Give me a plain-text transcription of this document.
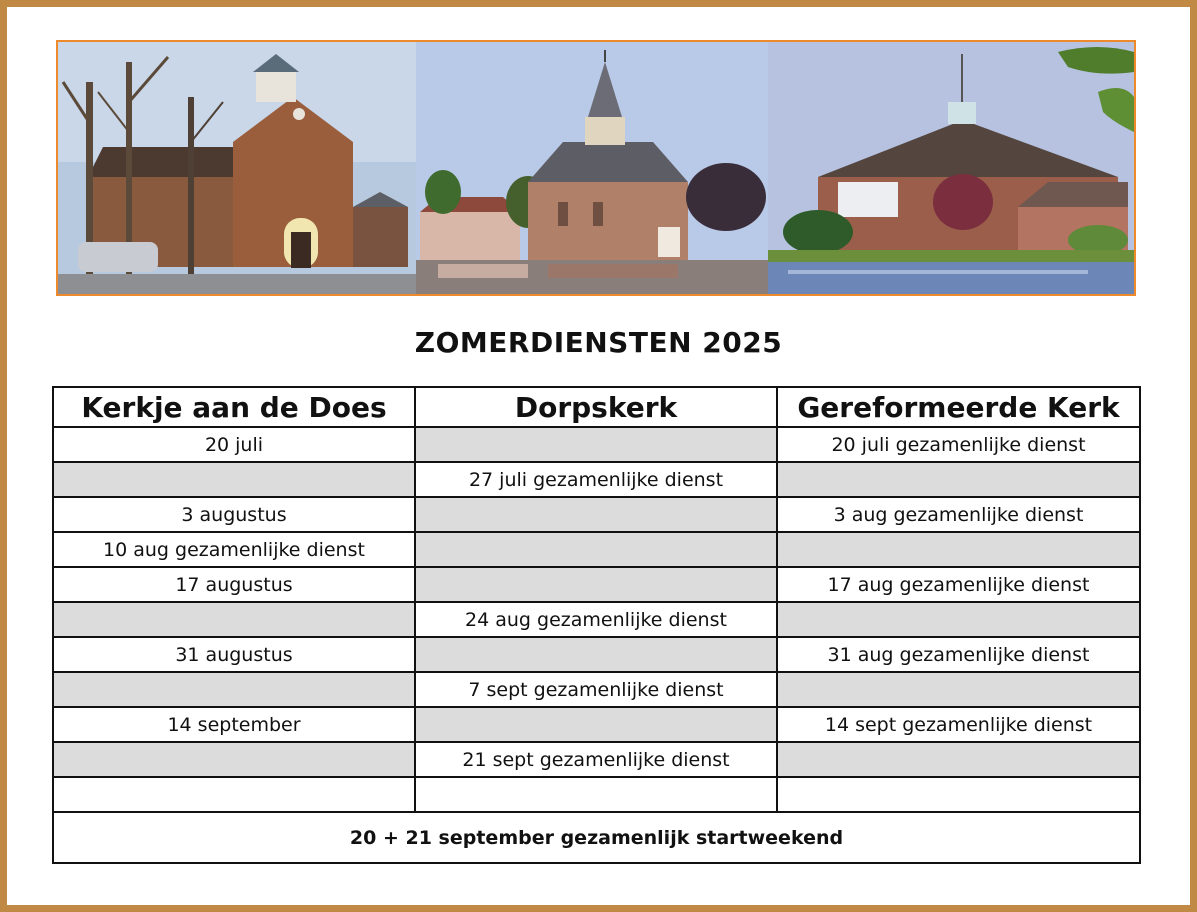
ZOMERDIENSTEN 2025
Kerkje aan de Does	Dorpskerk	Gereformeerde Kerk
20 juli		20 juli gezamenlijke dienst
	27 juli gezamenlijke dienst	
3 augustus		3 aug gezamenlijke dienst
10 aug gezamenlijke dienst		
17 augustus		17 aug gezamenlijke dienst
	24 aug gezamenlijke dienst	
31 augustus		31 aug gezamenlijke dienst
	7 sept gezamenlijke dienst	
14 september		14 sept gezamenlijke dienst
	21 sept gezamenlijke dienst	

20 + 21 september gezamenlijk startweekend		
